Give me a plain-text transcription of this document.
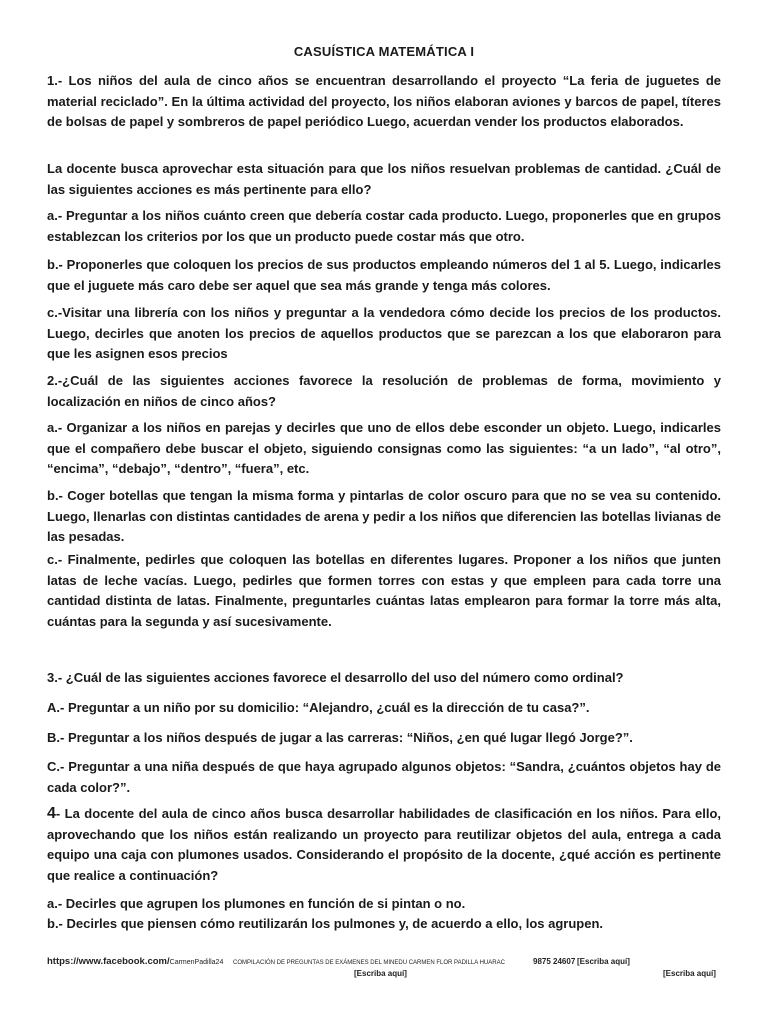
CASUÍSTICA MATEMÁTICA I

1.- Los niños del aula de cinco años se encuentran desarrollando el proyecto “La feria de juguetes de material reciclado”. En la última actividad del proyecto, los niños elaboran aviones y barcos de papel, títeres de bolsas de papel y sombreros de papel periódico Luego, acuerdan vender los productos elaborados.

La docente busca aprovechar esta situación para que los niños resuelvan problemas de cantidad. ¿Cuál de las siguientes acciones es más pertinente para ello?

a.- Preguntar a los niños cuánto creen que debería costar cada producto. Luego, proponerles que en grupos establezcan los criterios por los que un producto puede costar más que otro.

b.- Proponerles que coloquen los precios de sus productos empleando números del 1 al 5. Luego, indicarles que el juguete más caro debe ser aquel que sea más grande y tenga más colores.

c.-Visitar una librería con los niños y preguntar a la vendedora cómo decide los precios de los productos. Luego, decirles que anoten los precios de aquellos productos que se parezcan a los que elaboraron para que les asignen esos precios

2.-¿Cuál de las siguientes acciones favorece la resolución de problemas de forma, movimiento y localización en niños de cinco años?

a.- Organizar a los niños en parejas y decirles que uno de ellos debe esconder un objeto. Luego, indicarles que el compañero debe buscar el objeto, siguiendo consignas como las siguientes: “a un lado”, “al otro”, “encima”, “debajo”, “dentro”, “fuera”, etc.

b.- Coger botellas que tengan la misma forma y pintarlas de color oscuro para que no se vea su contenido. Luego, llenarlas con distintas cantidades de arena y pedir a los niños que diferencien las botellas livianas de las pesadas.

c.- Finalmente, pedirles que coloquen las botellas en diferentes lugares. Proponer a los niños que junten latas de leche vacías. Luego, pedirles que formen torres con estas y que empleen para cada torre una cantidad distinta de latas. Finalmente, preguntarles cuántas latas emplearon para formar la torre más alta, cuántas para la segunda y así sucesivamente.

3.- ¿Cuál de las siguientes acciones favorece el desarrollo del uso del número como ordinal?

A.- Preguntar a un niño por su domicilio: “Alejandro, ¿cuál es la dirección de tu casa?”.

B.- Preguntar a los niños después de jugar a las carreras: “Niños, ¿en qué lugar llegó Jorge?”.

C.- Preguntar a una niña después de que haya agrupado algunos objetos: “Sandra, ¿cuántos objetos hay de cada color?”.

4- La docente del aula de cinco años busca desarrollar habilidades de clasificación en los niños. Para ello, aprovechando que los niños están realizando un proyecto para reutilizar objetos del aula, entrega a cada equipo una caja con plumones usados. Considerando el propósito de la docente, ¿qué acción es pertinente que realice a continuación?

a.- Decirles que agrupen los plumones en función de si pintan o no.

b.- Decirles que piensen cómo reutilizarán los pulmones y, de acuerdo a ello, los agrupen.

https://www.facebook.com/CarmenPadilla24 COMPILACIÓN DE PREGUNTAS DE EXÁMENES DEL MINEDU CARMEN FLOR PADILLA HUARAC	9875 24607 [Escriba aquí]
[Escriba aquí]	[Escriba aquí]
